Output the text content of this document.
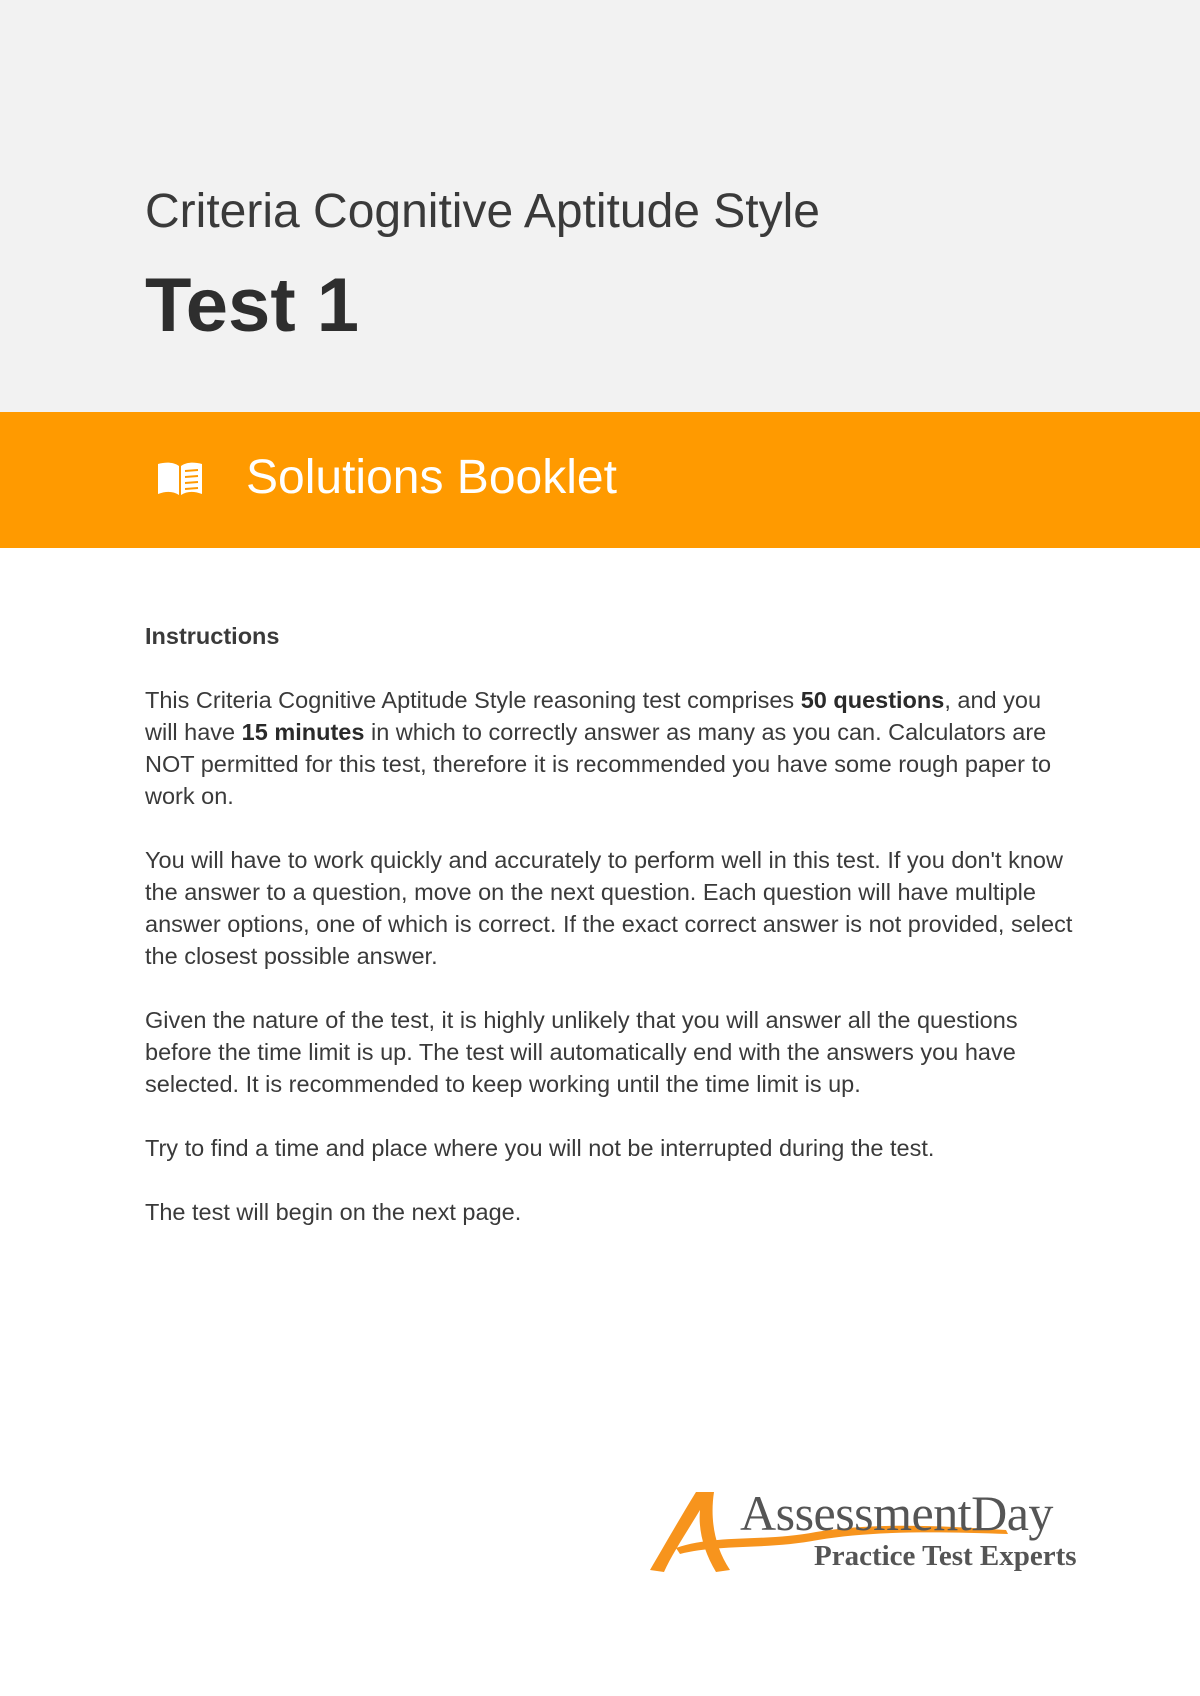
Criteria Cognitive Aptitude Style
Test 1
Solutions Booklet
Instructions

This Criteria Cognitive Aptitude Style reasoning test comprises 50 questions, and you will have 15 minutes in which to correctly answer as many as you can. Calculators are NOT permitted for this test, therefore it is recommended you have some rough paper to work on.

You will have to work quickly and accurately to perform well in this test. If you don't know the answer to a question, move on the next question. Each question will have multiple answer options, one of which is correct. If the exact correct answer is not provided, select the closest possible answer.

Given the nature of the test, it is highly unlikely that you will answer all the questions before the time limit is up. The test will automatically end with the answers you have selected. It is recommended to keep working until the time limit is up.

Try to find a time and place where you will not be interrupted during the test.

The test will begin on the next page.

AssessmentDay
Practice Test Experts
